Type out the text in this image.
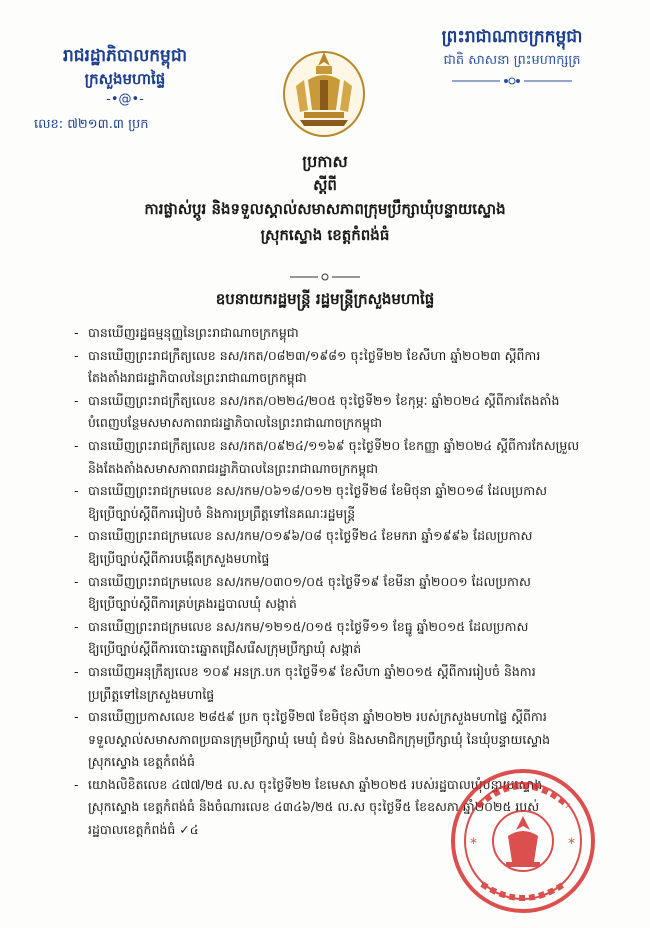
រាជរដ្ឋាភិបាលកម្ពុជា
ក្រសួងមហាផ្ទៃ
-•@•-
លេខ: ៧២១៣.៣ ប្រក
ព្រះរាជាណាចក្រកម្ពុជា
ជាតិ សាសនា ព្រះមហាក្សត្រ
ប្រកាស
ស្តីពី
ការផ្លាស់ប្តូរ និងទទួលស្គាល់សមាសភាពក្រុមប្រឹក្សាឃុំបន្ទាយស្ទោង
ស្រុកស្ទោង ខេត្តកំពង់ធំ
ឧបនាយករដ្ឋមន្ត្រី រដ្ឋមន្ត្រីក្រសួងមហាផ្ទៃ
- បានឃើញរដ្ឋធម្មនុញ្ញនៃព្រះរាជាណាចក្រកម្ពុជា
- បានឃើញព្រះរាជក្រឹត្យលេខ នស/រកត/០៨២៣/១៩៨១ ចុះថ្ងៃទី២២ ខែសីហា ឆ្នាំ២០២៣ ស្តីពីការ
តែងតាំងរាជរដ្ឋាភិបាលនៃព្រះរាជាណាចក្រកម្ពុជា
- បានឃើញព្រះរាជក្រឹត្យលេខ នស/រកត/០២២៤/២០៥ ចុះថ្ងៃទី២១ ខែកុម្ភៈ ឆ្នាំ២០២៤ ស្តីពីការតែងតាំង
បំពេញបន្ថែមសមាសភាពរាជរដ្ឋាភិបាលនៃព្រះរាជាណាចក្រកម្ពុជា
- បានឃើញព្រះរាជក្រឹត្យលេខ នស/រកត/០៩២៤/១១៦៩ ចុះថ្ងៃទី២០ ខែកញ្ញា ឆ្នាំ២០២៤ ស្តីពីការកែសម្រួល
និងតែងតាំងសមាសភាពរាជរដ្ឋាភិបាលនៃព្រះរាជាណាចក្រកម្ពុជា
- បានឃើញព្រះរាជក្រមលេខ នស/រកម/០៦១៨/០១២ ចុះថ្ងៃទី២៨ ខែមិថុនា ឆ្នាំ២០១៨ ដែលប្រកាស
ឱ្យប្រើច្បាប់ស្តីពីការរៀបចំ និងការប្រព្រឹត្តទៅនៃគណៈរដ្ឋមន្ត្រី
- បានឃើញព្រះរាជក្រមលេខ នស/រកម/០១៩៦/០៨ ចុះថ្ងៃទី២៤ ខែមករា ឆ្នាំ១៩៩៦ ដែលប្រកាស
ឱ្យប្រើច្បាប់ស្តីពីការបង្កើតក្រសួងមហាផ្ទៃ
- បានឃើញព្រះរាជក្រមលេខ នស/រកម/០៣០១/០៥ ចុះថ្ងៃទី១៩ ខែមីនា ឆ្នាំ២០០១ ដែលប្រកាស
ឱ្យប្រើច្បាប់ស្តីពីការគ្រប់គ្រងរដ្ឋបាលឃុំ សង្កាត់
- បានឃើញព្រះរាជក្រមលេខ នស/រកម/១២១៥/០១៥ ចុះថ្ងៃទី១១ ខែធ្នូ ឆ្នាំ២០១៥ ដែលប្រកាស
ឱ្យប្រើច្បាប់ស្តីពីការបោះឆ្នោតជ្រើសរើសក្រុមប្រឹក្សាឃុំ សង្កាត់
- បានឃើញអនុក្រឹត្យលេខ ១០៩ អនក្រ.បក ចុះថ្ងៃទី១៩ ខែសីហា ឆ្នាំ២០១៥ ស្តីពីការរៀបចំ និងការ
ប្រព្រឹត្តទៅនៃក្រសួងមហាផ្ទៃ
- បានឃើញប្រកាសលេខ ២៨៥៩ ប្រក ចុះថ្ងៃទី២៧ ខែមិថុនា ឆ្នាំ២០២២ របស់ក្រសួងមហាផ្ទៃ ស្តីពីការ
ទទួលស្គាល់សមាសភាពប្រធានក្រុមប្រឹក្សាឃុំ មេឃុំ ជំទប់ និងសមាជិកក្រុមប្រឹក្សាឃុំ នៃឃុំបន្ទាយស្ទោង
ស្រុកស្ទោង ខេត្តកំពង់ធំ
- យោងលិខិតលេខ ៤៧៧/២៥ ល.ស ចុះថ្ងៃទី២២ ខែមេសា ឆ្នាំ២០២៥ របស់រដ្ឋបាលឃុំបន្ទាយស្ទោង
ស្រុកស្ទោង ខេត្តកំពង់ធំ និងចំណារលេខ ៤៣៤៦/២៥ ល.ស ចុះថ្ងៃទី៥ ខែឧសភា ឆ្នាំ២០២៥ របស់
រដ្ឋបាលខេត្តកំពង់ធំ ✓៤
*	*
